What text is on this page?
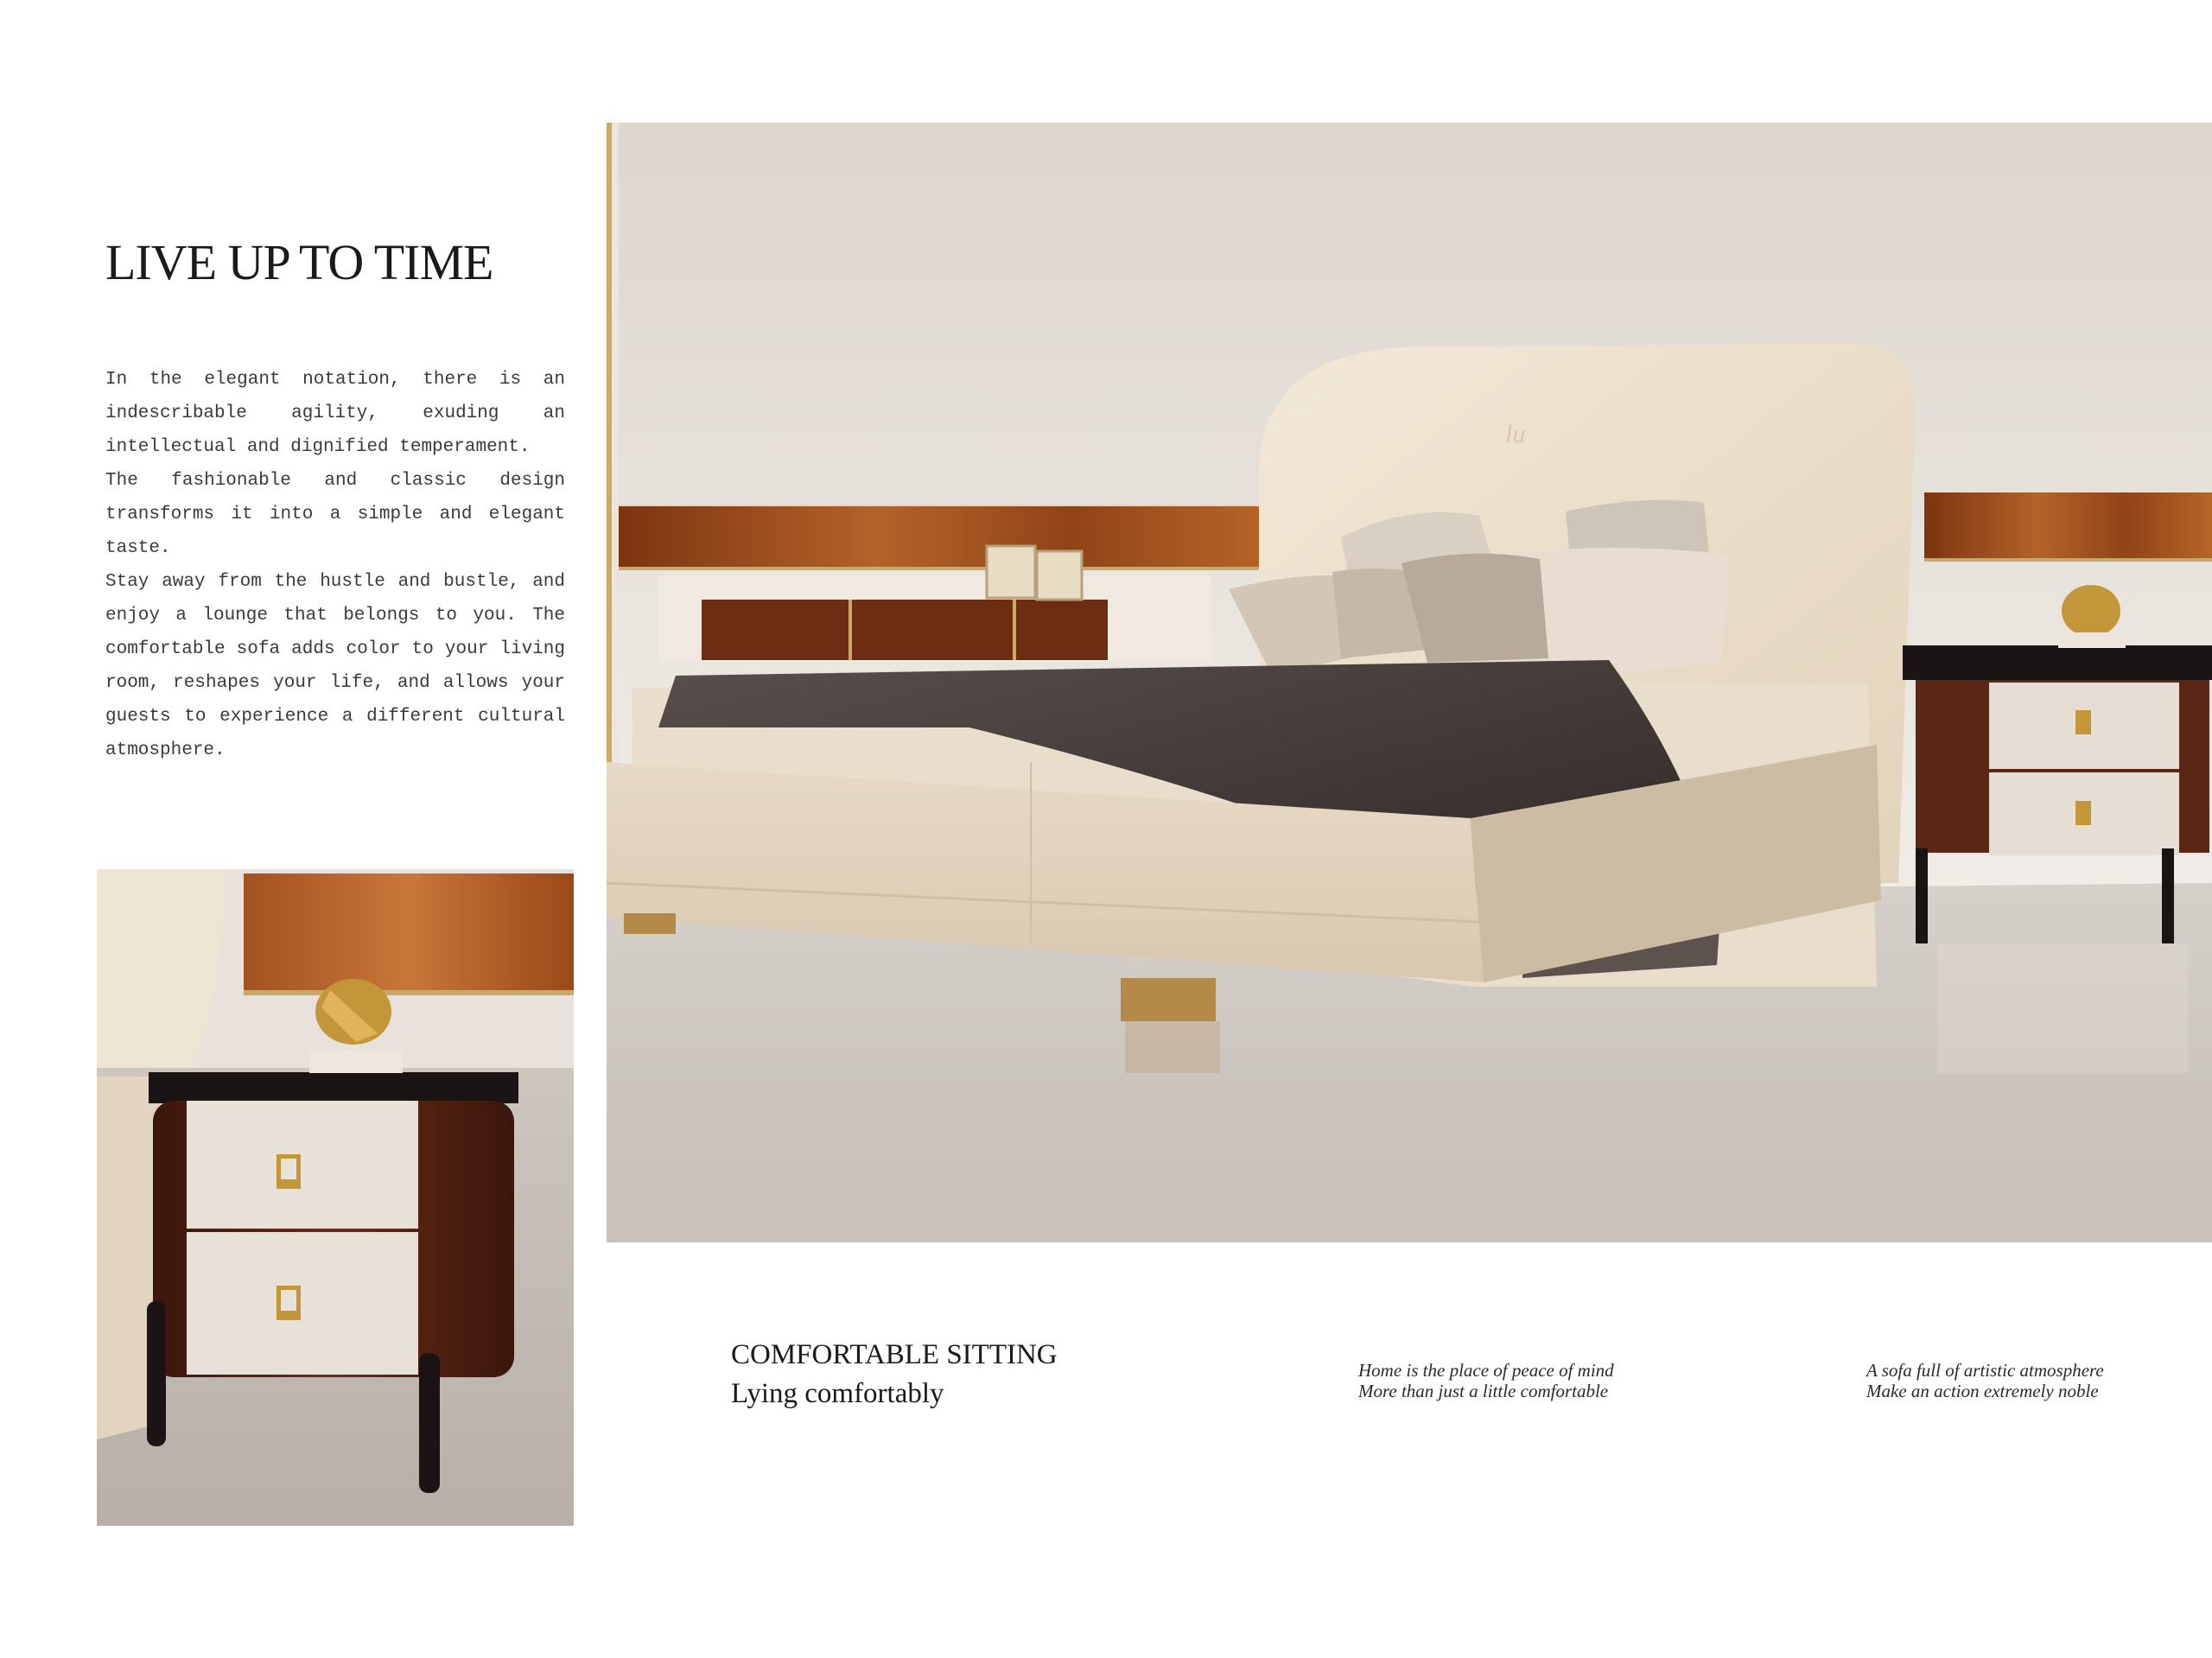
LIVE UP TO TIME

In the elegant notation, there is an indescribable agility, exuding an intellectual and dignified temperament.

The fashionable and classic design transforms it into a simple and elegant taste.

Stay away from the hustle and bustle, and enjoy a lounge that belongs to you. The comfortable sofa adds color to your living room, reshapes your life, and allows your guests to experience a different cultural atmosphere.

lu
COMFORTABLE SITTING
Lying comfortably
Home is the place of peace of mind
More than just a little comfortable
A sofa full of artistic atmosphere
Make an action extremely noble
